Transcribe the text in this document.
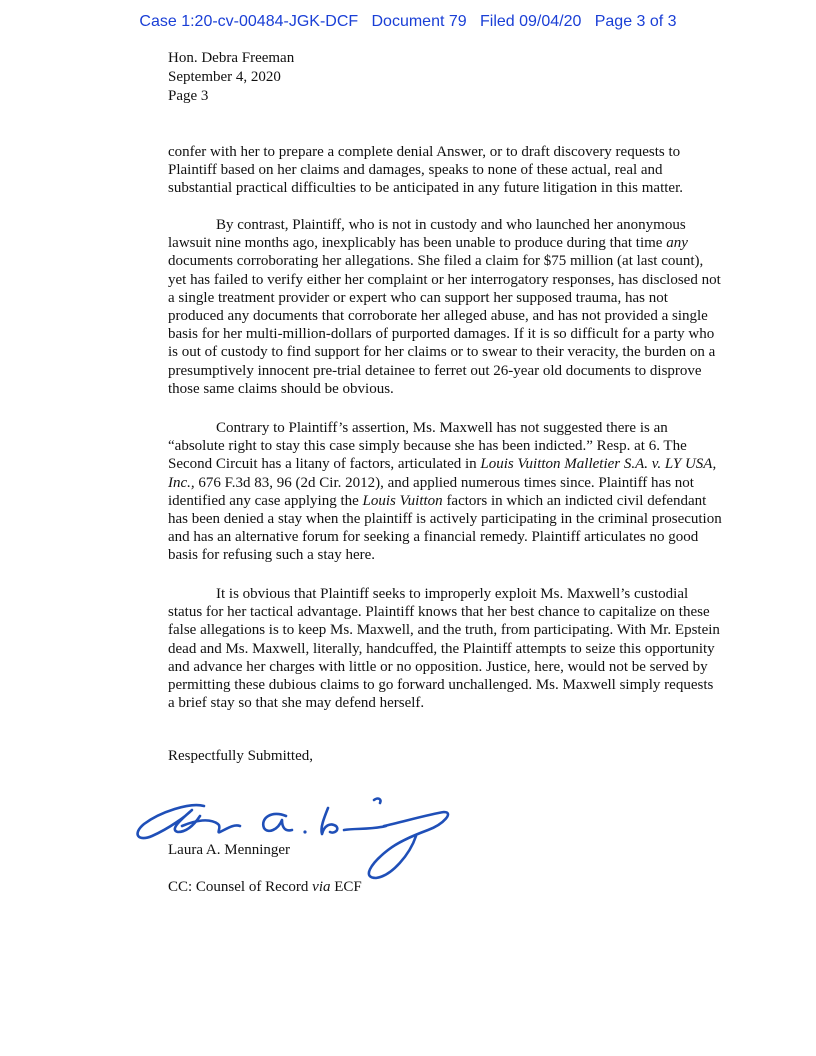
Case 1:20-cv-00484-JGK-DCF   Document 79   Filed 09/04/20   Page 3 of 3
Hon. Debra Freeman
September 4, 2020
Page 3

confer with her to prepare a complete denial Answer, or to draft discovery requests to Plaintiff based on her claims and damages, speaks to none of these actual, real and substantial practical difficulties to be anticipated in any future litigation in this matter.

By contrast, Plaintiff, who is not in custody and who launched her anonymous lawsuit nine months ago, inexplicably has been unable to produce during that time any documents corroborating her allegations. She filed a claim for $75 million (at last count), yet has failed to verify either her complaint or her interrogatory responses, has disclosed not a single treatment provider or expert who can support her supposed trauma, has not produced any documents that corroborate her alleged abuse, and has not provided a single basis for her multi-million-dollars of purported damages. If it is so difficult for a party who is out of custody to find support for her claims or to swear to their veracity, the burden on a presumptively innocent pre-trial detainee to ferret out 26-year old documents to disprove those same claims should be obvious.

Contrary to Plaintiff’s assertion, Ms. Maxwell has not suggested there is an “absolute right to stay this case simply because she has been indicted.” Resp. at 6. The Second Circuit has a litany of factors, articulated in Louis Vuitton Malletier S.A. v. LY USA, Inc., 676 F.3d 83, 96 (2d Cir. 2012), and applied numerous times since. Plaintiff has not identified any case applying the Louis Vuitton factors in which an indicted civil defendant has been denied a stay when the plaintiff is actively participating in the criminal prosecution and has an alternative forum for seeking a financial remedy. Plaintiff articulates no good basis for refusing such a stay here.

It is obvious that Plaintiff seeks to improperly exploit Ms. Maxwell’s custodial status for her tactical advantage. Plaintiff knows that her best chance to capitalize on these false allegations is to keep Ms. Maxwell, and the truth, from participating. With Mr. Epstein dead and Ms. Maxwell, literally, handcuffed, the Plaintiff attempts to seize this opportunity and advance her charges with little or no opposition. Justice, here, would not be served by permitting these dubious claims to go forward unchallenged. Ms. Maxwell simply requests a brief stay so that she may defend herself.

Respectfully Submitted,
Laura A. Menninger
CC: Counsel of Record via ECF
